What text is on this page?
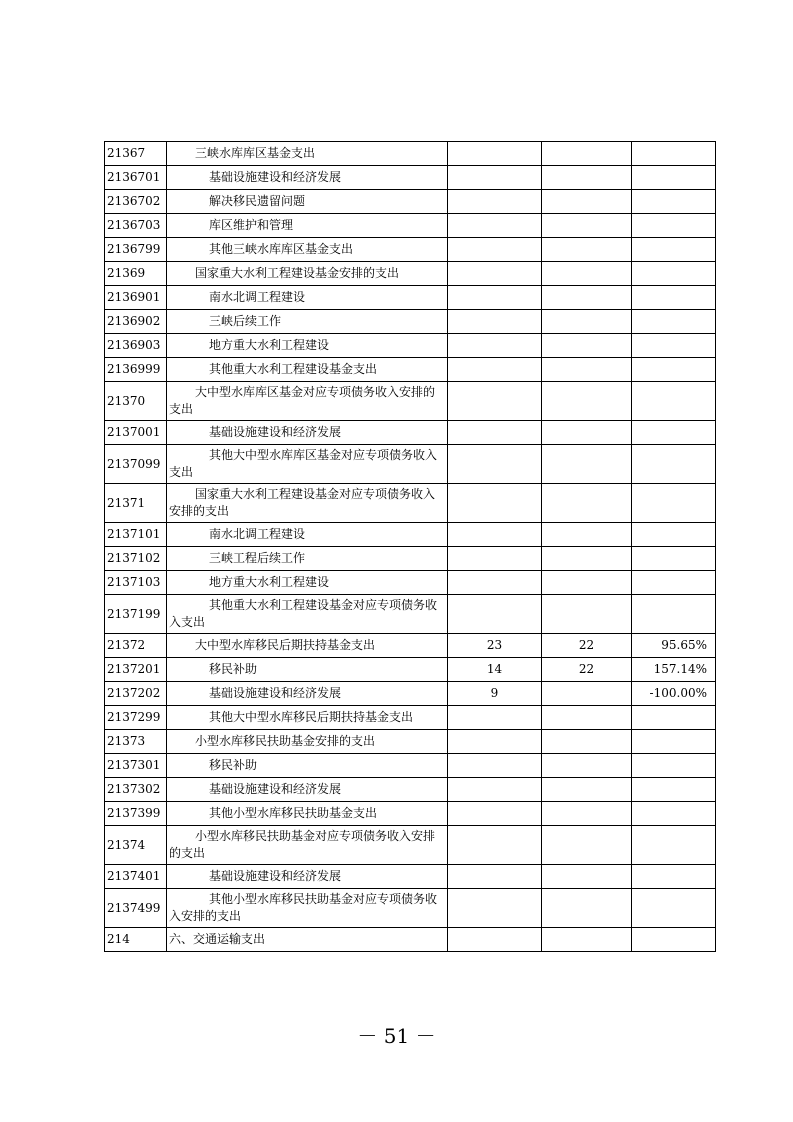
21367	三峡水库库区基金支出			
2136701	基础设施建设和经济发展			
2136702	解决移民遗留问题			
2136703	库区维护和管理			
2136799	其他三峡水库库区基金支出			
21369	国家重大水利工程建设基金安排的支出			
2136901	南水北调工程建设			
2136902	三峡后续工作			
2136903	地方重大水利工程建设			
2136999	其他重大水利工程建设基金支出			
21370	大中型水库库区基金对应专项债务收入安排的支出			
2137001	基础设施建设和经济发展			
2137099	其他大中型水库库区基金对应专项债务收入支出			
21371	国家重大水利工程建设基金对应专项债务收入安排的支出			
2137101	南水北调工程建设			
2137102	三峡工程后续工作			
2137103	地方重大水利工程建设			
2137199	其他重大水利工程建设基金对应专项债务收入支出			
21372	大中型水库移民后期扶持基金支出	23	22	95.65%
2137201	移民补助	14	22	157.14%
2137202	基础设施建设和经济发展	9		-100.00%
2137299	其他大中型水库移民后期扶持基金支出			
21373	小型水库移民扶助基金安排的支出			
2137301	移民补助			
2137302	基础设施建设和经济发展			
2137399	其他小型水库移民扶助基金支出			
21374	小型水库移民扶助基金对应专项债务收入安排的支出			
2137401	基础设施建设和经济发展			
2137499	其他小型水库移民扶助基金对应专项债务收入安排的支出			
214	六、交通运输支出			
－ 51 －
